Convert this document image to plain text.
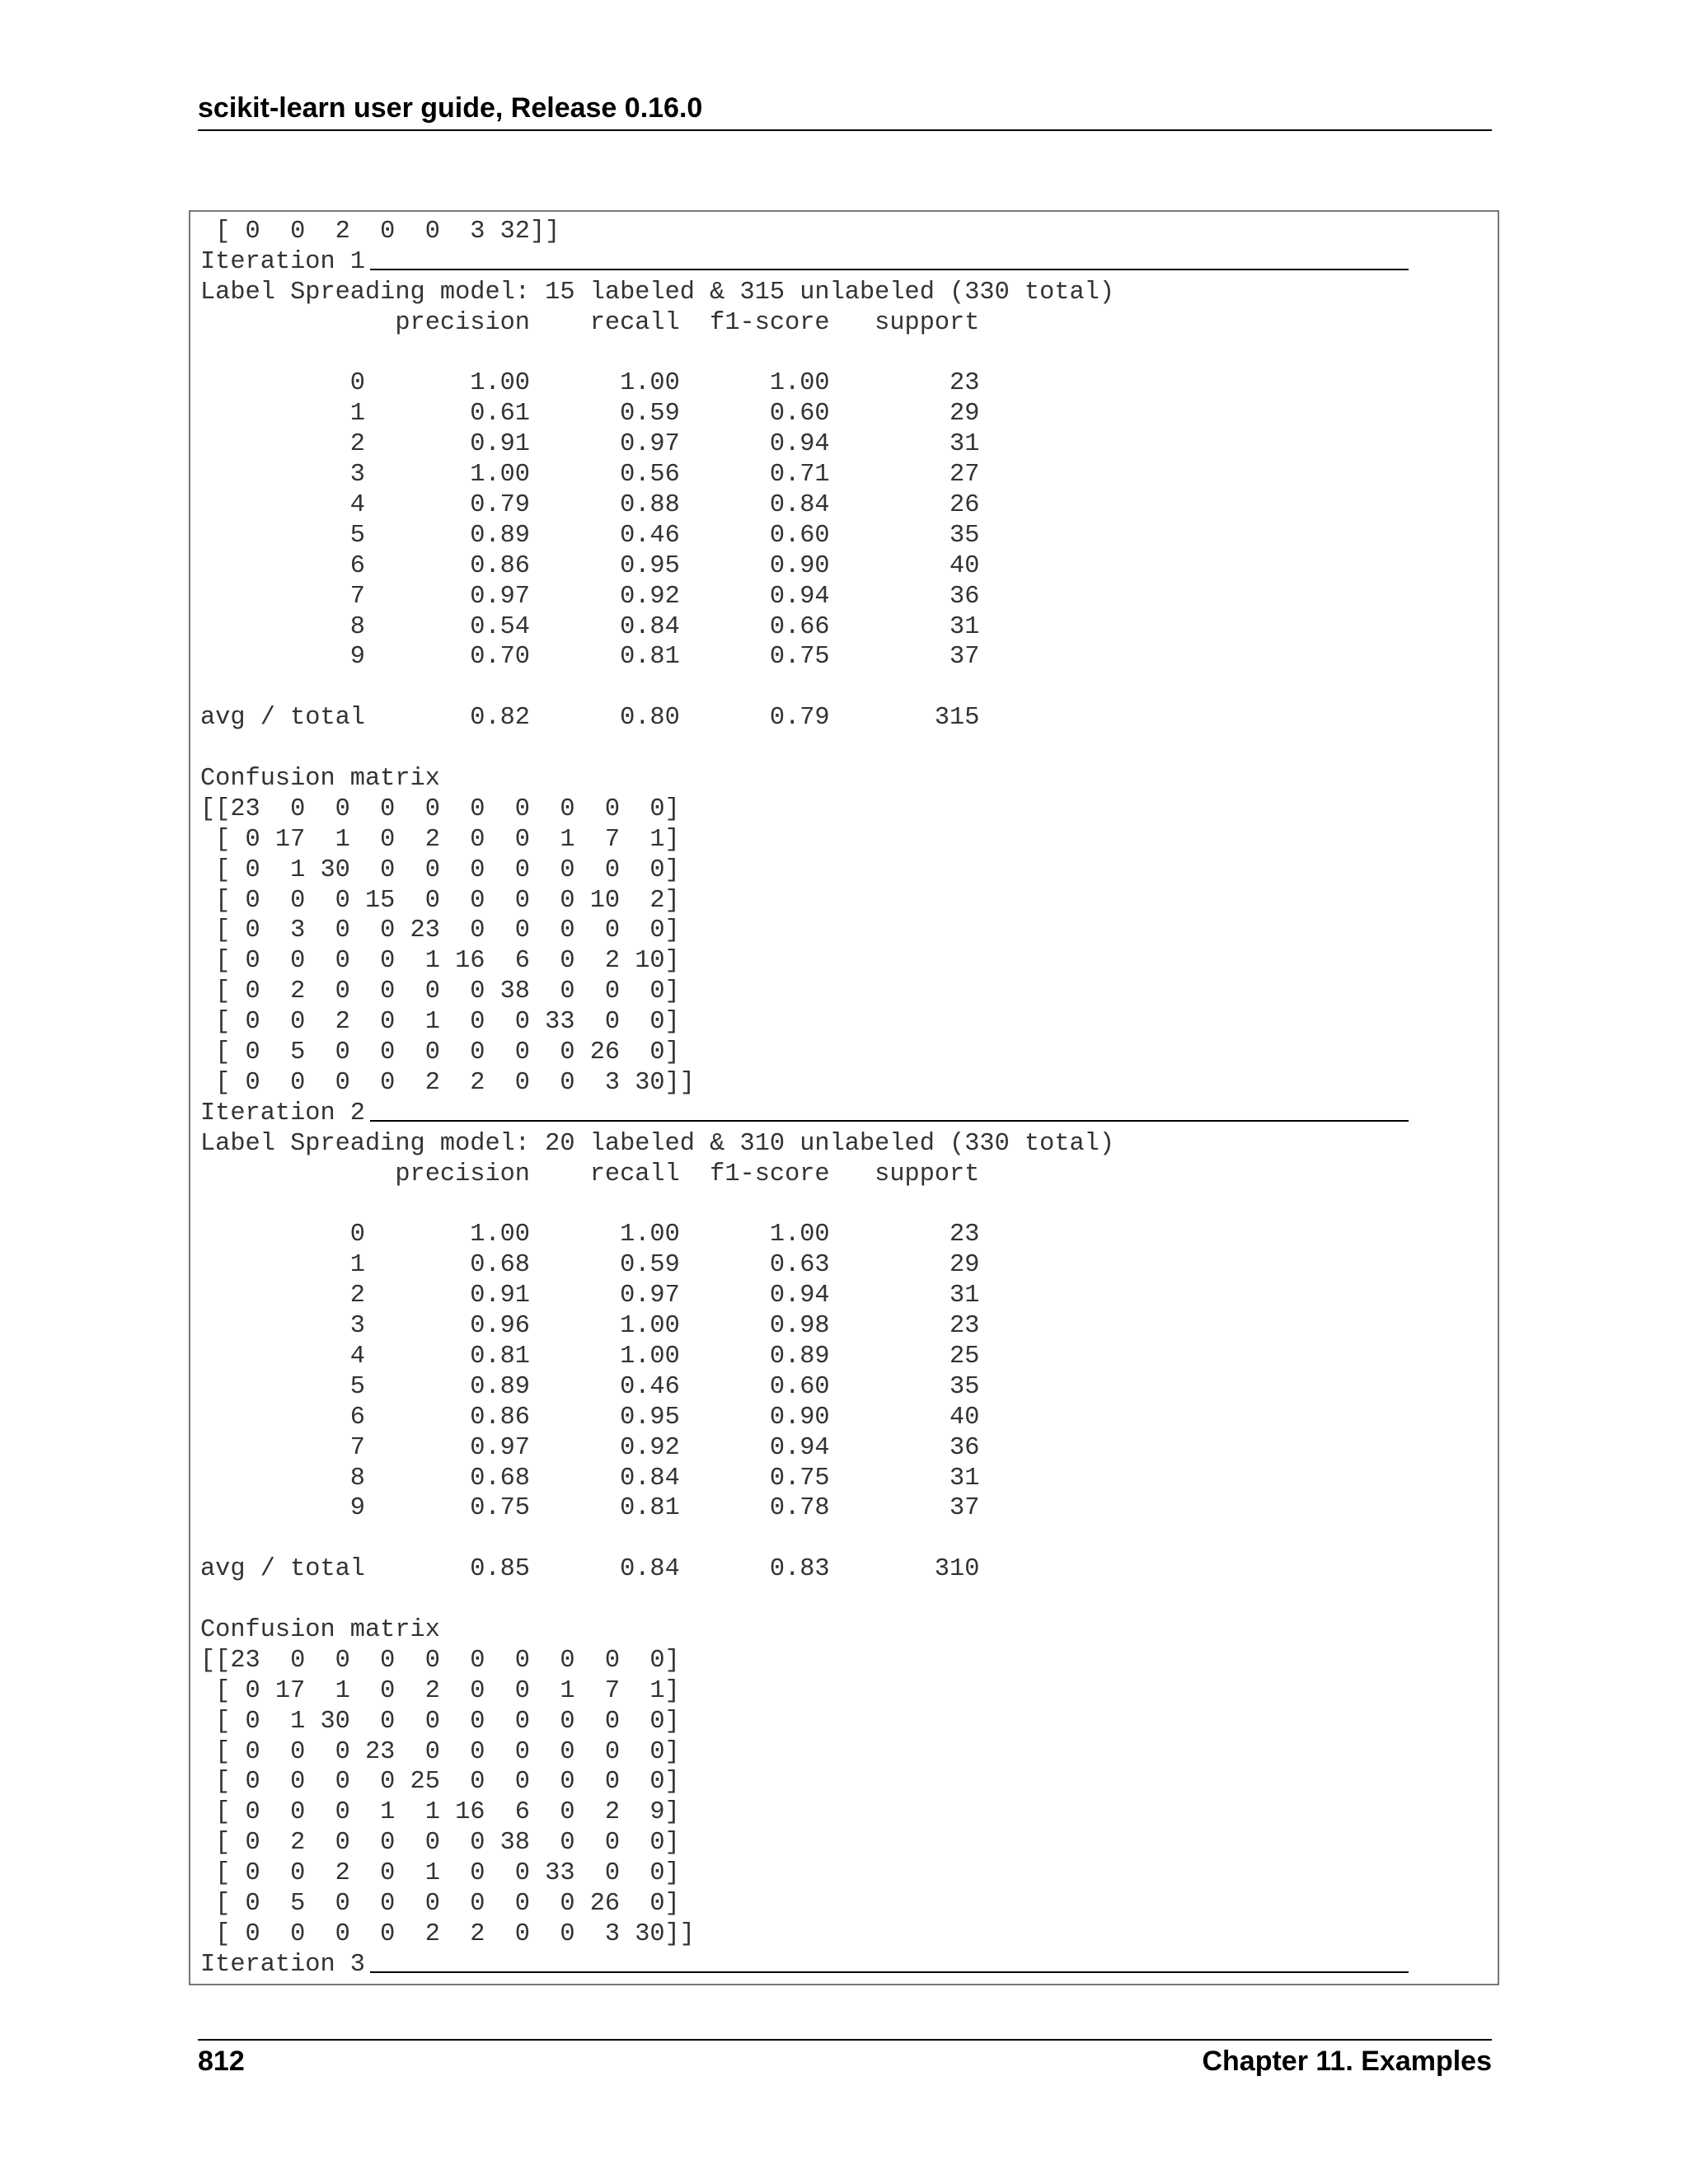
scikit-learn user guide, Release 0.16.0
[ 0  0  2  0  0  3 32]]
Iteration 1
Label Spreading model: 15 labeled & 315 unlabeled (330 total)
precision    recall  f1-score   support
0       1.00      1.00      1.00        23
1       0.61      0.59      0.60        29
2       0.91      0.97      0.94        31
3       1.00      0.56      0.71        27
4       0.79      0.88      0.84        26
5       0.89      0.46      0.60        35
6       0.86      0.95      0.90        40
7       0.97      0.92      0.94        36
8       0.54      0.84      0.66        31
9       0.70      0.81      0.75        37
avg / total       0.82      0.80      0.79       315
Confusion matrix
[[23  0  0  0  0  0  0  0  0  0]
[ 0 17  1  0  2  0  0  1  7  1]
[ 0  1 30  0  0  0  0  0  0  0]
[ 0  0  0 15  0  0  0  0 10  2]
[ 0  3  0  0 23  0  0  0  0  0]
[ 0  0  0  0  1 16  6  0  2 10]
[ 0  2  0  0  0  0 38  0  0  0]
[ 0  0  2  0  1  0  0 33  0  0]
[ 0  5  0  0  0  0  0  0 26  0]
[ 0  0  0  0  2  2  0  0  3 30]]
Iteration 2
Label Spreading model: 20 labeled & 310 unlabeled (330 total)
precision    recall  f1-score   support
0       1.00      1.00      1.00        23
1       0.68      0.59      0.63        29
2       0.91      0.97      0.94        31
3       0.96      1.00      0.98        23
4       0.81      1.00      0.89        25
5       0.89      0.46      0.60        35
6       0.86      0.95      0.90        40
7       0.97      0.92      0.94        36
8       0.68      0.84      0.75        31
9       0.75      0.81      0.78        37
avg / total       0.85      0.84      0.83       310
Confusion matrix
[[23  0  0  0  0  0  0  0  0  0]
[ 0 17  1  0  2  0  0  1  7  1]
[ 0  1 30  0  0  0  0  0  0  0]
[ 0  0  0 23  0  0  0  0  0  0]
[ 0  0  0  0 25  0  0  0  0  0]
[ 0  0  0  1  1 16  6  0  2  9]
[ 0  2  0  0  0  0 38  0  0  0]
[ 0  0  2  0  1  0  0 33  0  0]
[ 0  5  0  0  0  0  0  0 26  0]
[ 0  0  0  0  2  2  0  0  3 30]]
Iteration 3
812	Chapter 11. Examples
